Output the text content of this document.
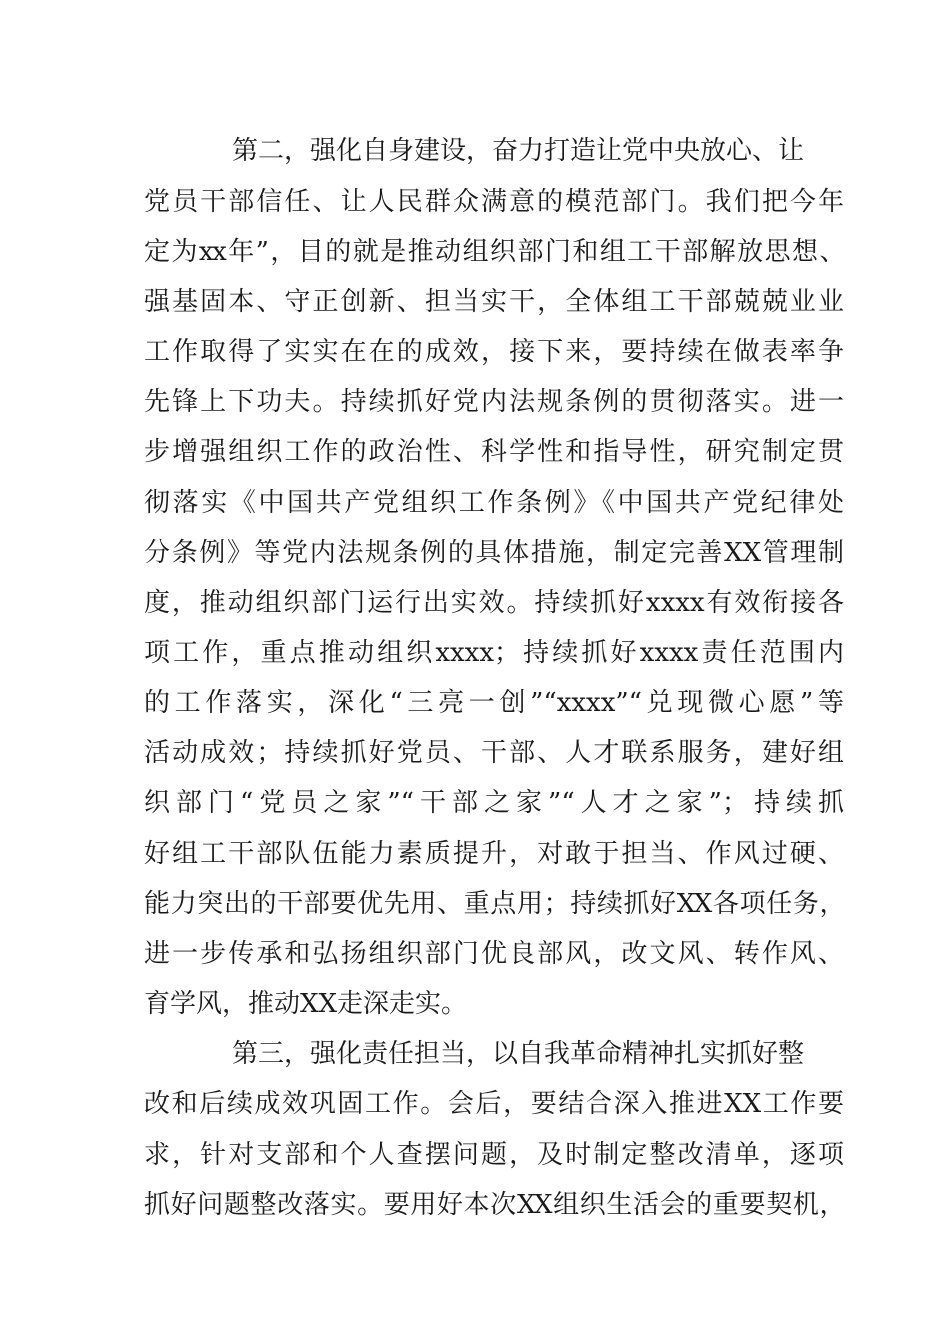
第二，强化自身建设，奋力打造让党中央放心、让
党员干部信任、让人民群众满意的模范部门。我们把今年
定为xx年”，目的就是推动组织部门和组工干部解放思想、
强基固本、守正创新、担当实干，全体组工干部兢兢业业
工作取得了实实在在的成效，接下来，要持续在做表率争
先锋上下功夫。持续抓好党内法规条例的贯彻落实。进一
步增强组织工作的政治性、科学性和指导性，研究制定贯
彻落实《中国共产党组织工作条例》《中国共产党纪律处
分条例》等党内法规条例的具体措施，制定完善XX管理制
度，推动组织部门运行出实效。持续抓好xxxx有效衔接各
项工作，重点推动组织xxxx；持续抓好xxxx责任范围内
的工作落实，深化“三亮一创”“xxxx”“兑现微心愿”等
活动成效；持续抓好党员、干部、人才联系服务，建好组
织部门“党员之家”“干部之家”“人才之家”；持续抓
好组工干部队伍能力素质提升，对敢于担当、作风过硬、
能力突出的干部要优先用、重点用；持续抓好XX各项任务，
进一步传承和弘扬组织部门优良部风，改文风、转作风、
育学风，推动XX走深走实。
第三，强化责任担当，以自我革命精神扎实抓好整
改和后续成效巩固工作。会后，要结合深入推进XX工作要
求，针对支部和个人查摆问题，及时制定整改清单，逐项
抓好问题整改落实。要用好本次XX组织生活会的重要契机，
